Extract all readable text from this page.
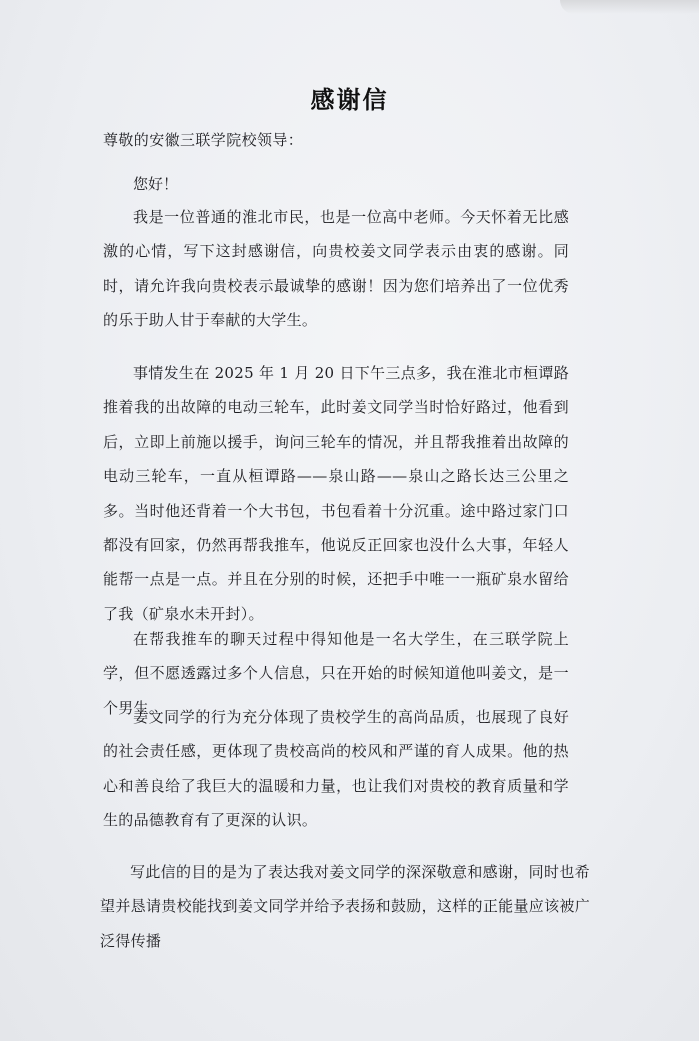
感谢信
尊敬的安徽三联学院校领导：
您好！
我是一位普通的淮北市民，也是一位高中老师。今天怀着无比感激的心情，写下这封感谢信，向贵校姜文同学表示由衷的感谢。同时，请允许我向贵校表示最诚挚的感谢！因为您们培养出了一位优秀的乐于助人甘于奉献的大学生。
事情发生在 2025 年 1 月 20 日下午三点多，我在淮北市桓谭路推着我的出故障的电动三轮车，此时姜文同学当时恰好路过，他看到后，立即上前施以援手，询问三轮车的情况，并且帮我推着出故障的电动三轮车，一直从桓谭路——泉山路——泉山之路长达三公里之多。当时他还背着一个大书包，书包看着十分沉重。途中路过家门口都没有回家，仍然再帮我推车，他说反正回家也没什么大事，年轻人能帮一点是一点。并且在分别的时候，还把手中唯一一瓶矿泉水留给了我（矿泉水未开封）。
在帮我推车的聊天过程中得知他是一名大学生，在三联学院上学，但不愿透露过多个人信息，只在开始的时候知道他叫姜文，是一个男生。
姜文同学的行为充分体现了贵校学生的高尚品质，也展现了良好的社会责任感，更体现了贵校高尚的校风和严谨的育人成果。他的热心和善良给了我巨大的温暖和力量，也让我们对贵校的教育质量和学生的品德教育有了更深的认识。
写此信的目的是为了表达我对姜文同学的深深敬意和感谢，同时也希望并恳请贵校能找到姜文同学并给予表扬和鼓励，这样的正能量应该被广泛得传播
